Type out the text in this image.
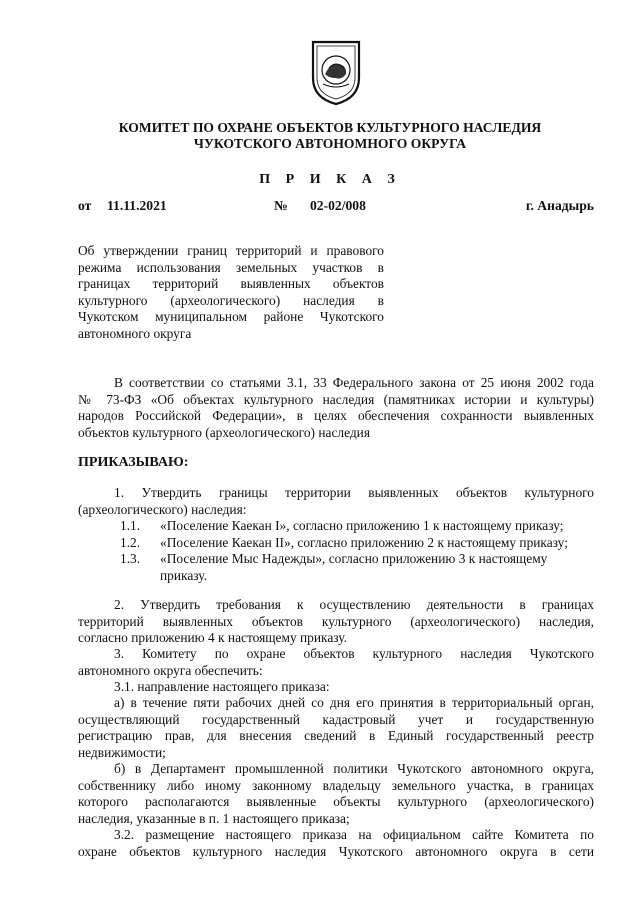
КОМИТЕТ ПО ОХРАНЕ ОБЪЕКТОВ КУЛЬТУРНОГО НАСЛЕДИЯ
ЧУКОТСКОГО АВТОНОМНОГО ОКРУГА
П Р И К А З
от 11.11.2021	№ 02-02/008	г. Анадырь
Об утверждении границ территорий и правового
режима использования земельных участков в
границах территорий выявленных объектов
культурного (археологического) наследия в
Чукотском муниципальном районе Чукотского
автономного округа
В соответствии со статьями 3.1, 33 Федерального закона от 25 июня 2002 года
№ 73-ФЗ «Об объектах культурного наследия (памятниках истории и культуры)
народов Российской Федерации», в целях обеспечения сохранности выявленных
объектов культурного (археологического) наследия
ПРИКАЗЫВАЮ:
1. Утвердить границы территории выявленных объектов культурного
(археологического) наследия:
1.1. «Поселение Каекан I», согласно приложению 1 к настоящему приказу;
1.2. «Поселение Каекан II», согласно приложению 2 к настоящему приказу;
1.3. «Поселение Мыс Надежды», согласно приложению 3 к настоящему
приказу.
2. Утвердить требования к осуществлению деятельности в границах
территорий выявленных объектов культурного (археологического) наследия,
согласно приложению 4 к настоящему приказу.
3. Комитету по охране объектов культурного наследия Чукотского
автономного округа обеспечить:
3.1. направление настоящего приказа:
а) в течение пяти рабочих дней со дня его принятия в территориальный орган,
осуществляющий государственный кадастровый учет и государственную
регистрацию прав, для внесения сведений в Единый государственный реестр
недвижимости;
б) в Департамент промышленной политики Чукотского автономного округа,
собственнику либо иному законному владельцу земельного участка, в границах
которого располагаются выявленные объекты культурного (археологического)
наследия, указанные в п. 1 настоящего приказа;
3.2. размещение настоящего приказа на официальном сайте Комитета по
охране объектов культурного наследия Чукотского автономного округа в сети
